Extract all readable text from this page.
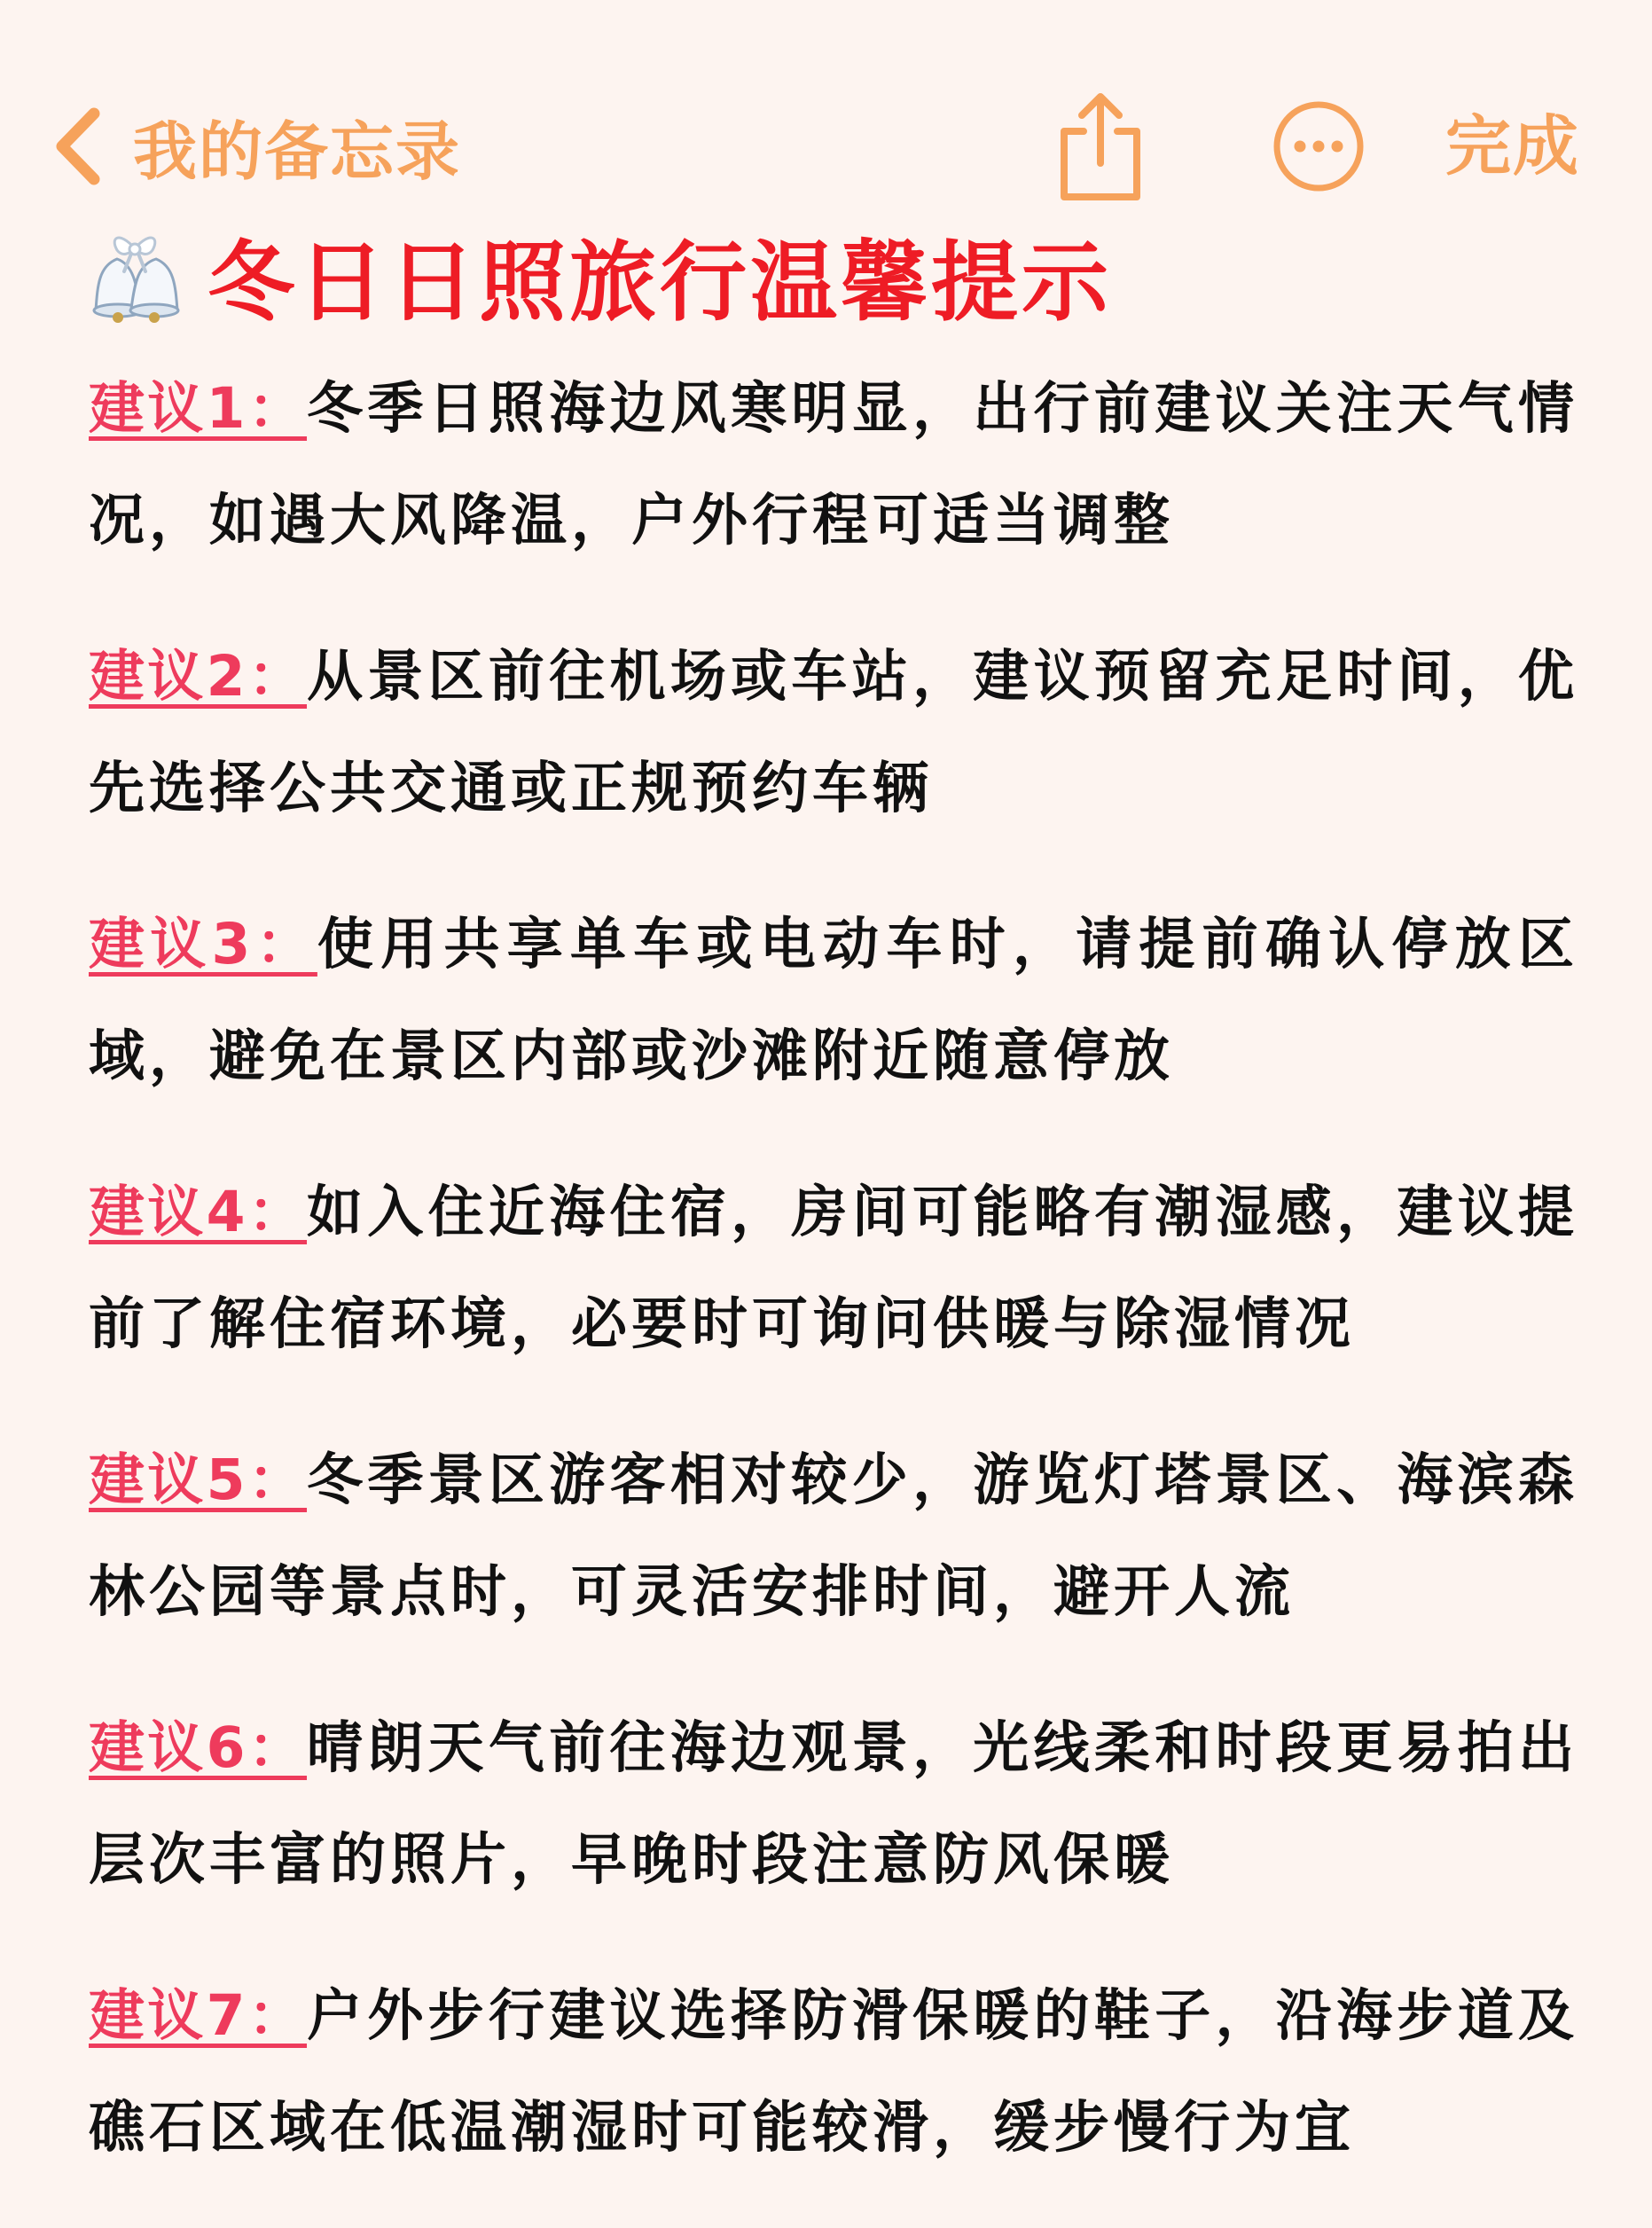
我的备忘录	完成
冬日日照旅行温馨提示
建议1：冬季日照海边风寒明显，出行前建议关注天气情况，如遇大风降温，户外行程可适当调整
建议2：从景区前往机场或车站，建议预留充足时间，优先选择公共交通或正规预约车辆
建议3：使用共享单车或电动车时，请提前确认停放区域，避免在景区内部或沙滩附近随意停放
建议4：如入住近海住宿，房间可能略有潮湿感，建议提前了解住宿环境，必要时可询问供暖与除湿情况
建议5：冬季景区游客相对较少，游览灯塔景区、海滨森林公园等景点时，可灵活安排时间，避开人流
建议6：晴朗天气前往海边观景，光线柔和时段更易拍出层次丰富的照片，早晚时段注意防风保暖
建议7：户外步行建议选择防滑保暖的鞋子，沿海步道及礁石区域在低温潮湿时可能较滑，缓步慢行为宜
